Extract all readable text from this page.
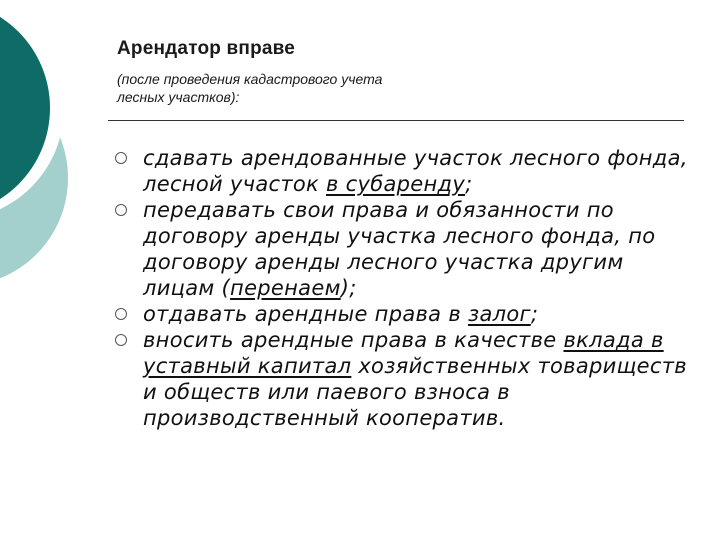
Арендатор вправе
(после проведения кадастрового учета
лесных участков):
сдавать арендованные участок лесного фонда, лесной участок в субаренду;
передавать свои права и обязанности по договору аренды участка лесного фонда, по договору аренды лесного участка другим лицам (перенаем);
отдавать арендные права в залог;
вносить арендные права в качестве вклада в уставный капитал хозяйственных товариществ и обществ или паевого взноса в производственный кооператив.
